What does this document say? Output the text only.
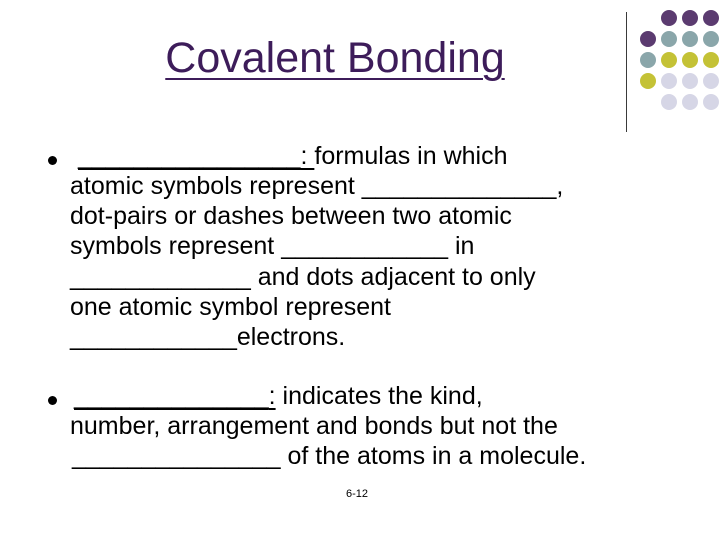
Covalent Bonding
________________: formulas in which
atomic symbols represent ______________,
dot-pairs or dashes between two atomic
symbols represent ____________ in
_____________ and dots adjacent to only
one atomic symbol represent
____________electrons.
______________: indicates the kind,
number, arrangement and bonds but not the
_______________ of the atoms in a molecule.
6-12
